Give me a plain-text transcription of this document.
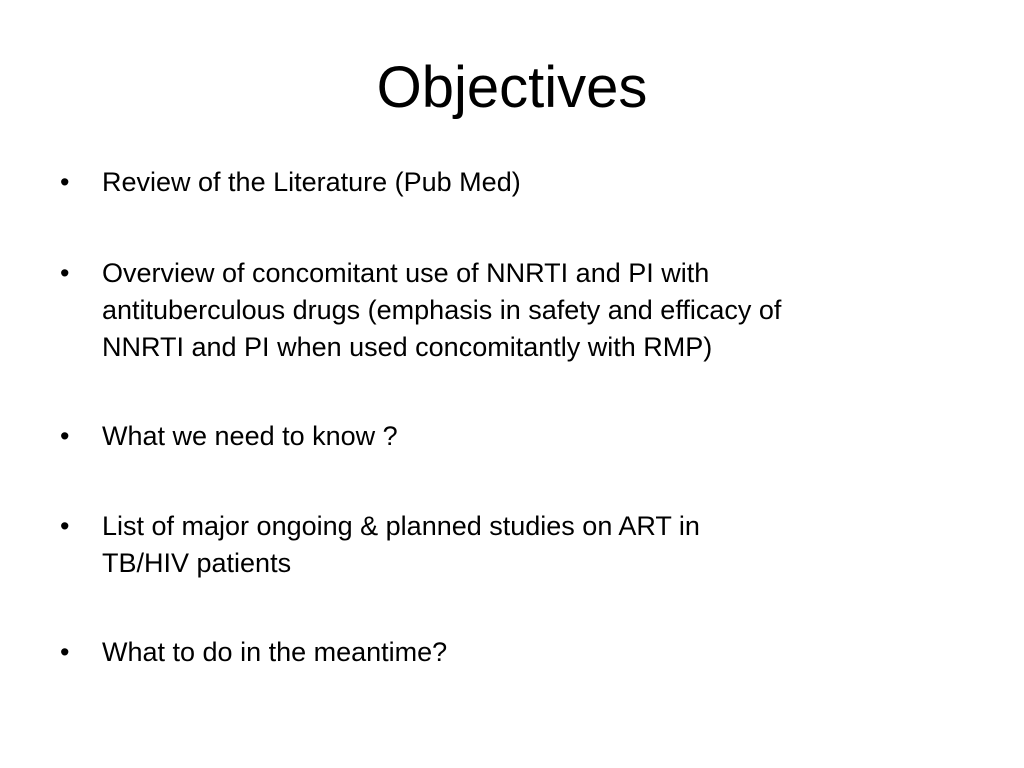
Objectives
• Review of the Literature (Pub Med)
• Overview of concomitant use of NNRTI and PI with
antituberculous drugs (emphasis in safety and efficacy of
NNRTI and PI when used concomitantly with RMP)
• What we need to know ?
• List of major ongoing & planned studies on ART in
TB/HIV patients
• What to do in the meantime?
